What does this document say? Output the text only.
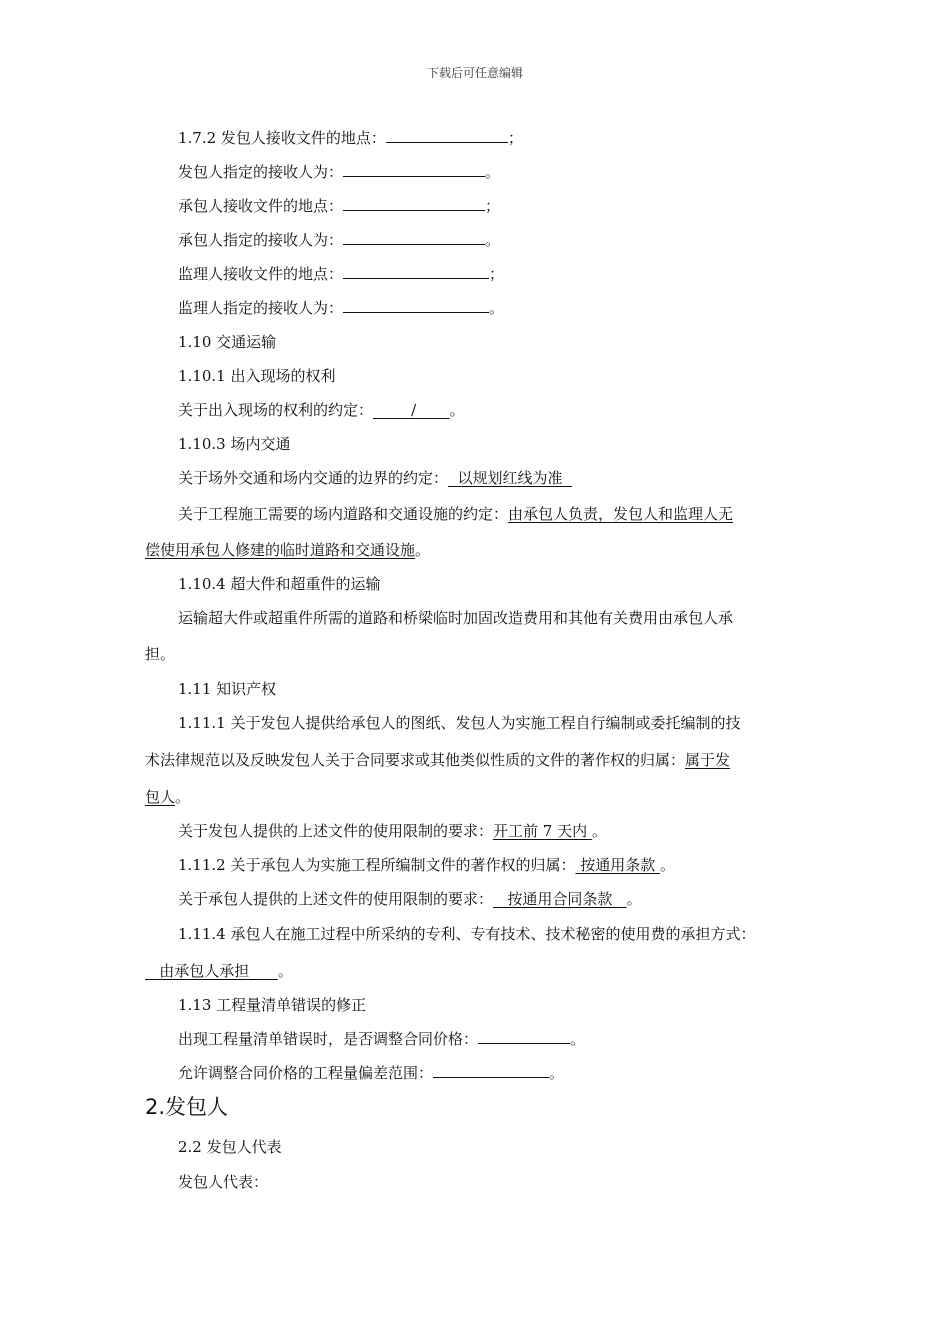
下载后可任意编辑
1.7.2 发包人接收文件的地点：	；
发包人指定的接收人为：	。
承包人接收文件的地点：	；
承包人指定的接收人为：	。
监理人接收文件的地点：	；
监理人指定的接收人为：	。
1.10 交通运输
1.10.1 出入现场的权利
关于出入现场的权利的约定：        /       。
1.10.3 场内交通
关于场外交通和场内交通的边界的约定：  以规划红线为准
关于工程施工需要的场内道路和交通设施的约定：由承包人负责，发包人和监理人无
偿使用承包人修建的临时道路和交通设施。
1.10.4 超大件和超重件的运输
运输超大件或超重件所需的道路和桥梁临时加固改造费用和其他有关费用由承包人承
担。
1.11 知识产权
1.11.1 关于发包人提供给承包人的图纸、发包人为实施工程自行编制或委托编制的技
术法律规范以及反映发包人关于合同要求或其他类似性质的文件的著作权的归属：属于发
包人。
关于发包人提供的上述文件的使用限制的要求：开工前 7 天内 。
1.11.2 关于承包人为实施工程所编制文件的著作权的归属： 按通用条款 。
关于承包人提供的上述文件的使用限制的要求：   按通用合同条款   。
1.11.4 承包人在施工过程中所采纳的专利、专有技术、技术秘密的使用费的承担方式：
由承包人承担      。
1.13 工程量清单错误的修正
出现工程量清单错误时，是否调整合同价格：	。
允许调整合同价格的工程量偏差范围：	。
2.发包人
2.2 发包人代表
发包人代表：
